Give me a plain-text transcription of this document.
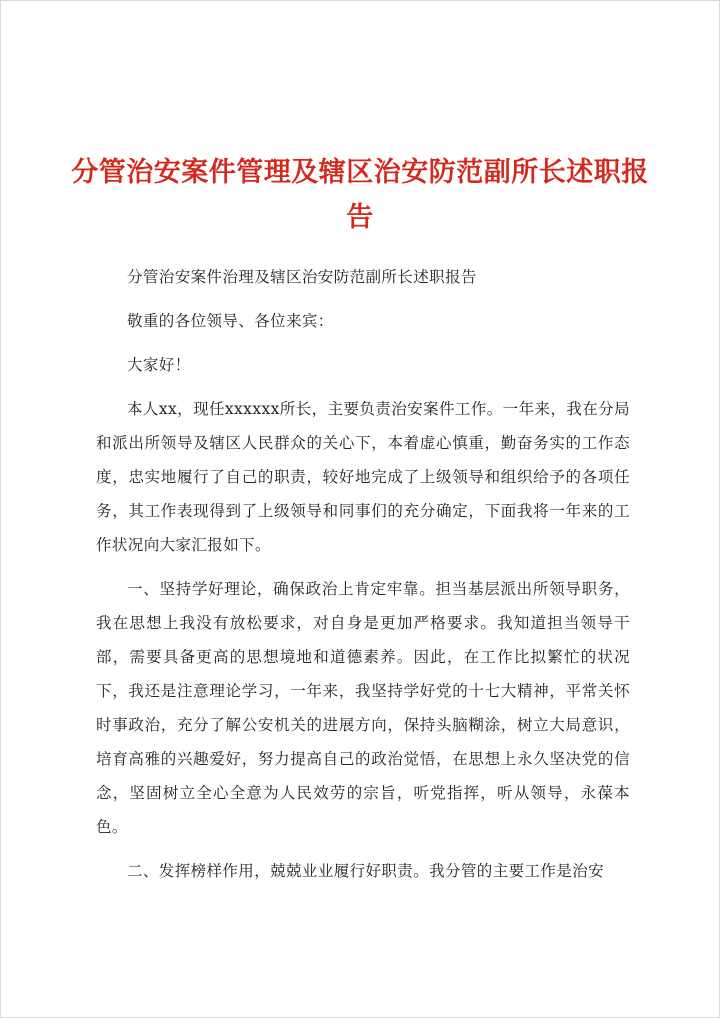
分管治安案件管理及辖区治安防范副所长述职报告

分管治安案件治理及辖区治安防范副所长述职报告

敬重的各位领导、各位来宾：

大家好！

本人xx，现任xxxxxx所长，主要负责治安案件工作。一年来，我在分局和派出所领导及辖区人民群众的关心下，本着虚心慎重，勤奋务实的工作态度，忠实地履行了自己的职责，较好地完成了上级领导和组织给予的各项任务，其工作表现得到了上级领导和同事们的充分确定，下面我将一年来的工作状况向大家汇报如下。

一、坚持学好理论，确保政治上肯定牢靠。担当基层派出所领导职务，我在思想上我没有放松要求，对自身是更加严格要求。我知道担当领导干部，需要具备更高的思想境地和道德素养。因此，在工作比拟繁忙的状况下，我还是注意理论学习，一年来，我坚持学好党的十七大精神，平常关怀时事政治，充分了解公安机关的进展方向，保持头脑糊涂，树立大局意识，培育高雅的兴趣爱好，努力提高自己的政治觉悟，在思想上永久坚决党的信念，坚固树立全心全意为人民效劳的宗旨，听党指挥，听从领导，永葆本色。

二、发挥榜样作用，兢兢业业履行好职责。我分管的主要工作是治安
